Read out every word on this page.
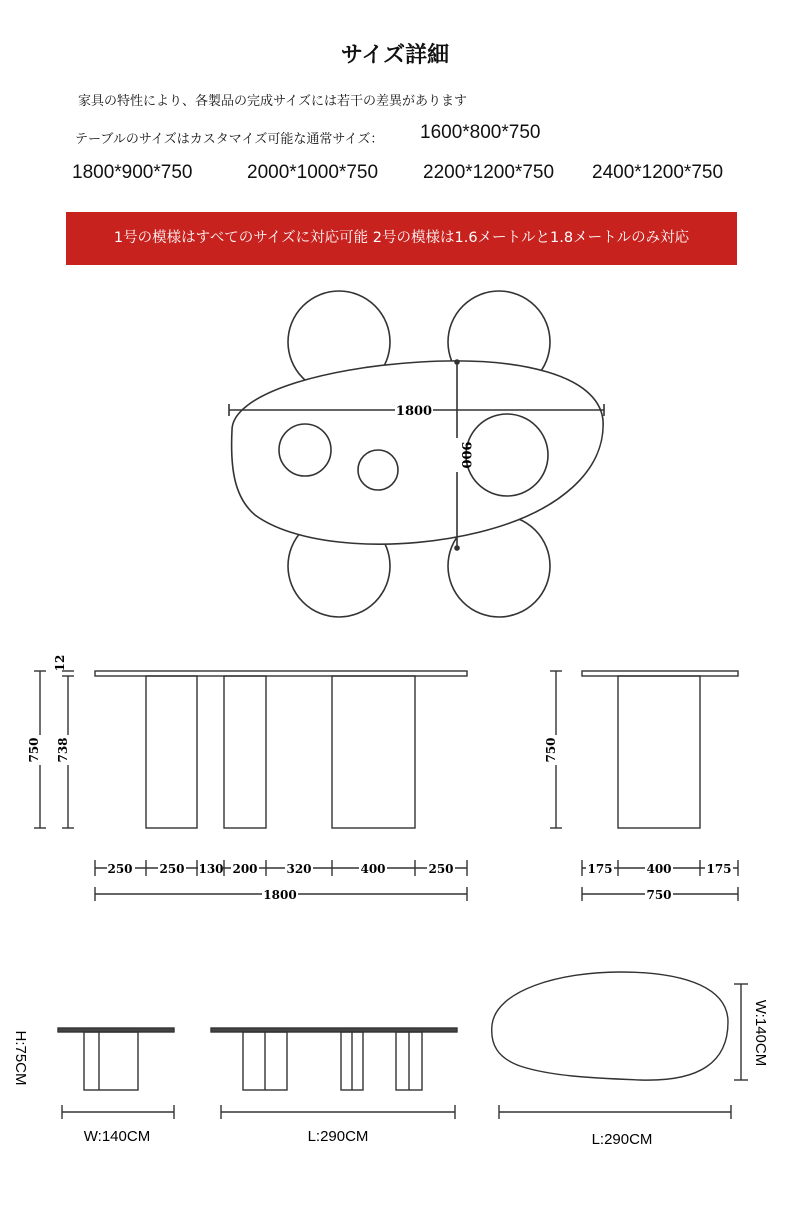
サイズ詳細
家具の特性により、各製品の完成サイズには若干の差異があります
テーブルのサイズはカスタマイズ可能な通常サイズ： 1600*800*750
1800*900*750	2000*1000*750 2200*1200*750 2400*1200*750
1号の模様はすべてのサイズに対応可能 2号の模様は1.6メートルと1.8メートルのみ対応
1800
900
12
750 738
250 250 130 200 320	400	250
1800
750
175	400	175
750
H:75CM
W:140CM	L:290CM	L:290CM
W:140CM
